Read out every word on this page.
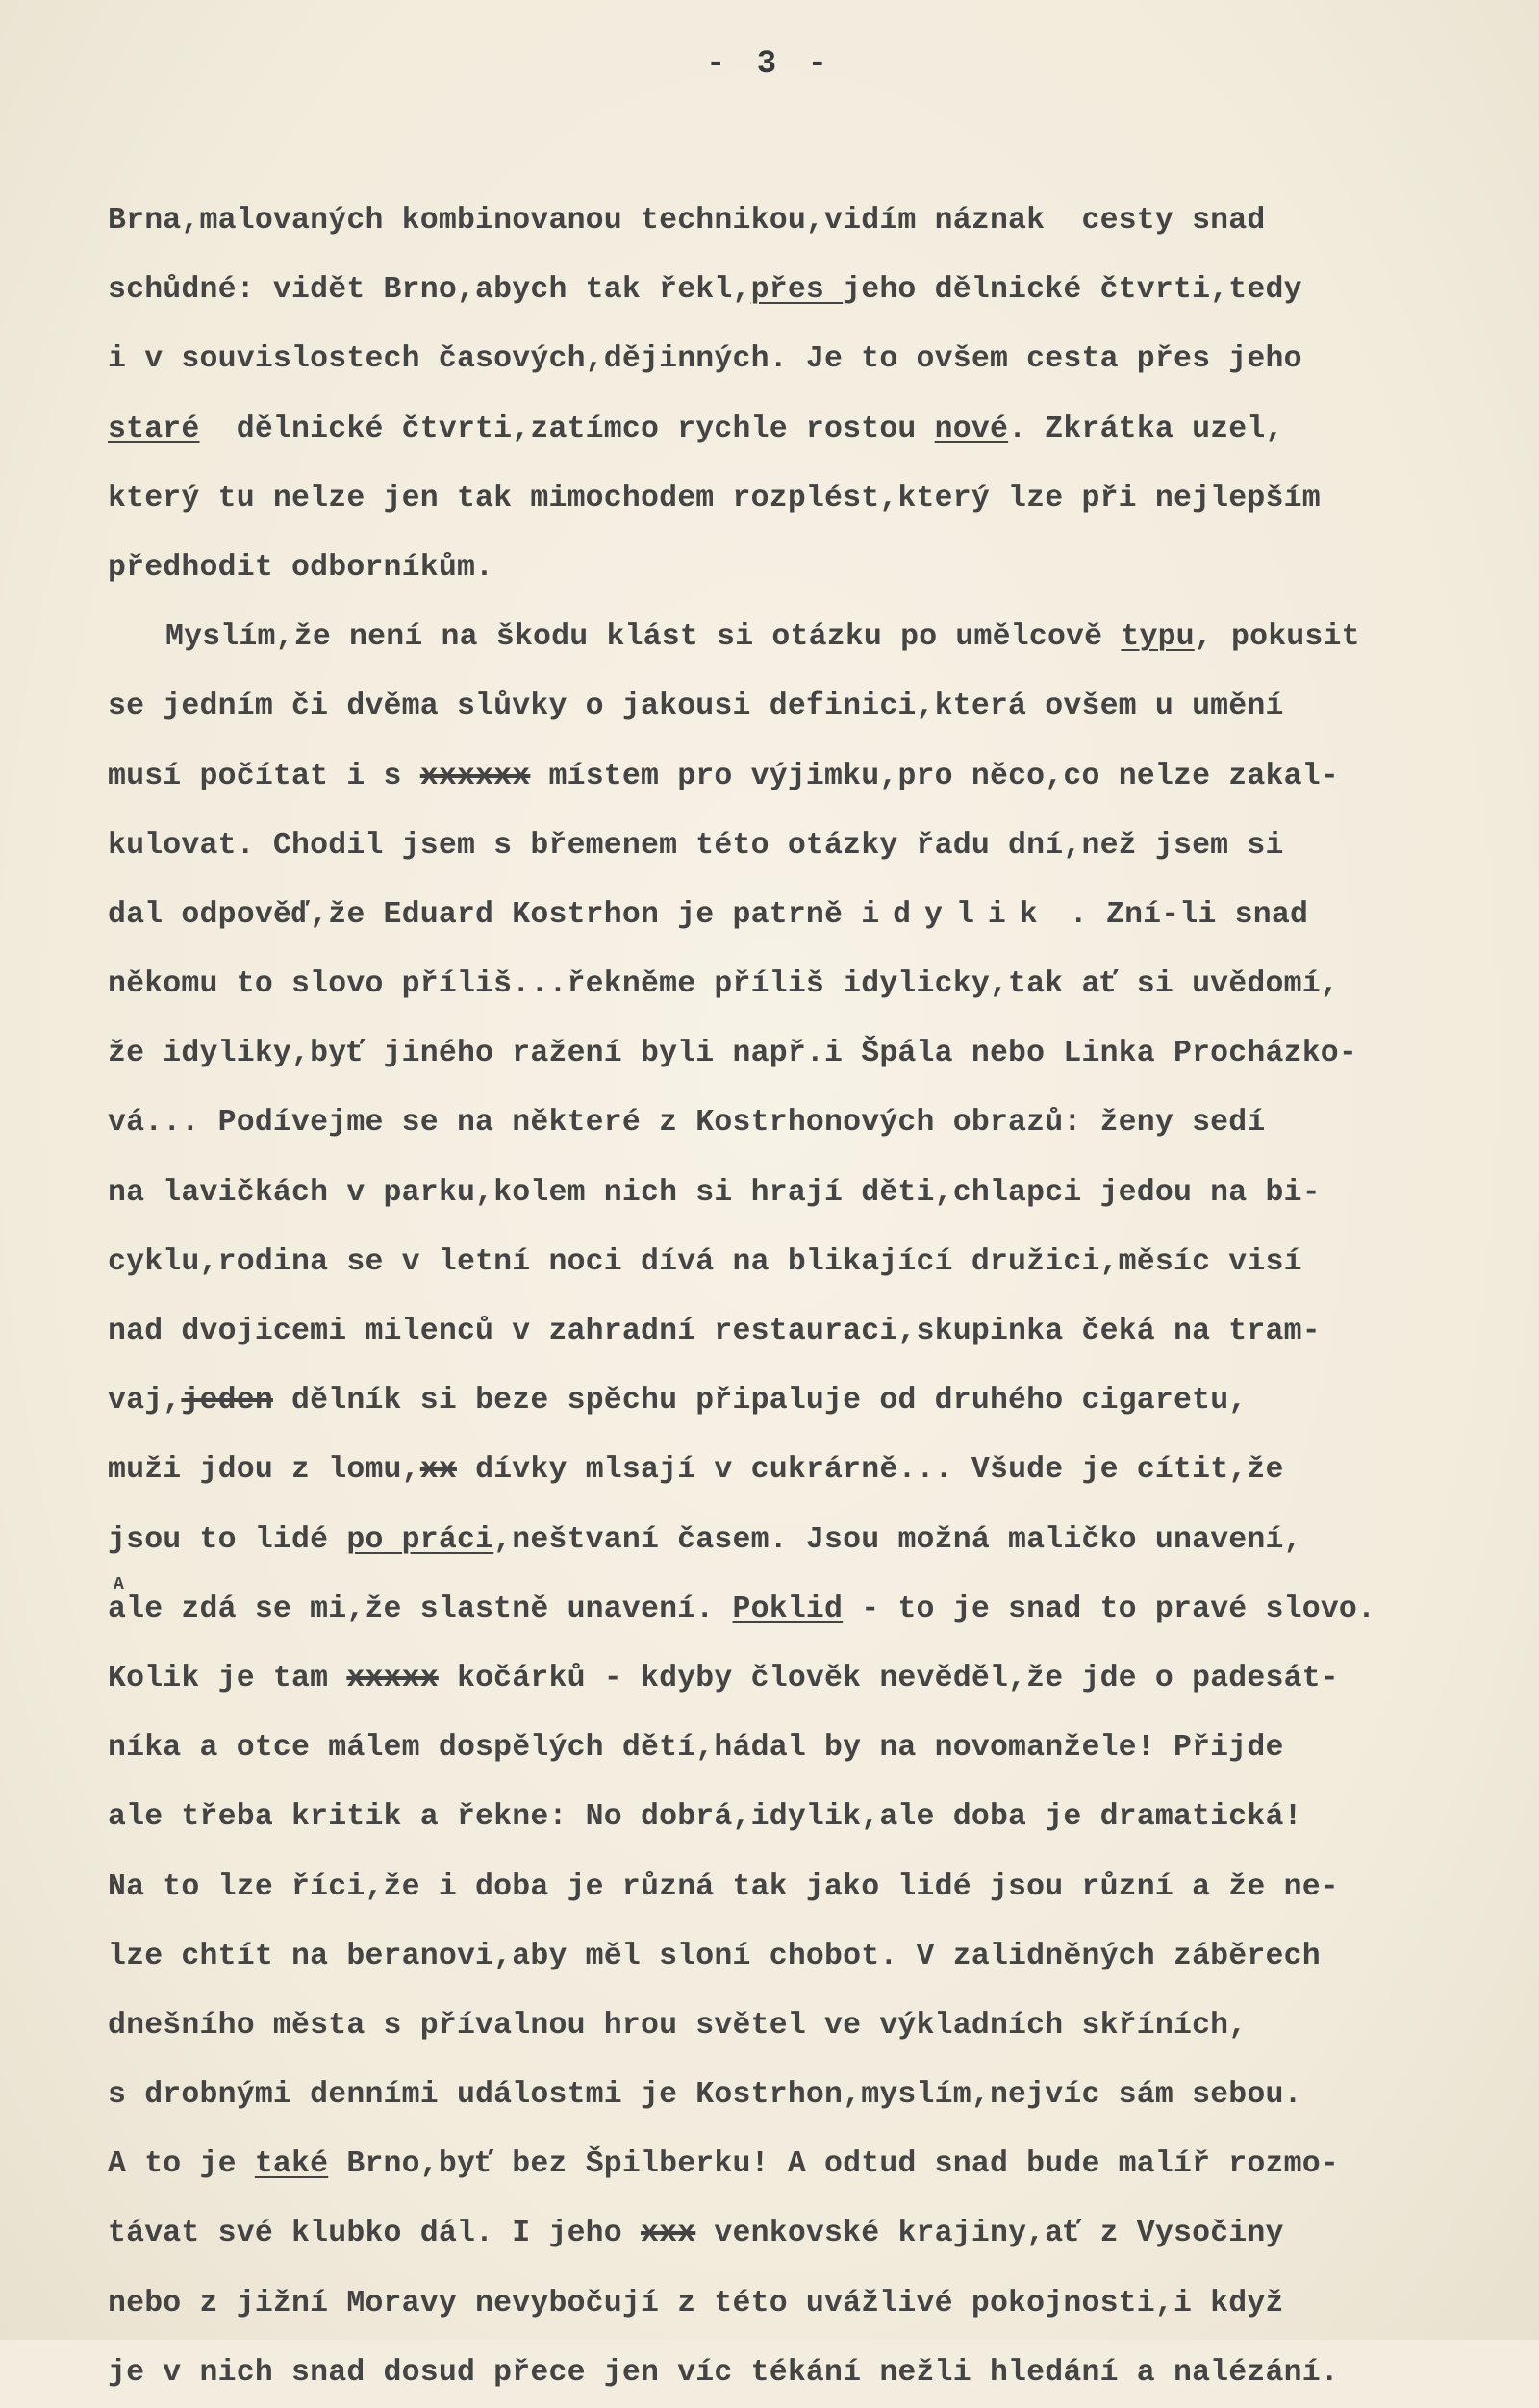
- 3 -
A
Brna,malovaných kombinovanou technikou,vidím náznak  cesty snad
schůdné: vidět Brno,abych tak řekl,přes jeho dělnické čtvrti,tedy
i v souvislostech časových,dějinných. Je to ovšem cesta přes jeho
staré  dělnické čtvrti,zatímco rychle rostou nové. Zkrátka uzel,
který tu nelze jen tak mimochodem rozplést,který lze při nejlepším
předhodit odborníkům.
Myslím,že není na škodu klást si otázku po umělcově typu, pokusit
se jedním či dvěma slůvky o jakousi definici,která ovšem u umění
musí počítat i s xxxxxx místem pro výjimku,pro něco,co nelze zakal-
kulovat. Chodil jsem s břemenem této otázky řadu dní,než jsem si
dal odpověď,že Eduard Kostrhon je patrně idylik . Zní-li snad
někomu to slovo příliš...řekněme příliš idylicky,tak ať si uvědomí,
že idyliky,byť jiného ražení byli např.i Špála nebo Linka Procházko-
vá... Podívejme se na některé z Kostrhonových obrazů: ženy sedí
na lavičkách v parku,kolem nich si hrají děti,chlapci jedou na bi-
cyklu,rodina se v letní noci dívá na blikající družici,měsíc visí
nad dvojicemi milenců v zahradní restauraci,skupinka čeká na tram-
vaj,jeden dělník si beze spěchu připaluje od druhého cigaretu,
muži jdou z lomu,xx dívky mlsají v cukrárně... Všude je cítit,že
jsou to lidé po práci,neštvaní časem. Jsou možná maličko unavení,
ale zdá se mi,že slastně unavení. Poklid - to je snad to pravé slovo.
Kolik je tam xxxxx kočárků - kdyby člověk nevěděl,že jde o padesát-
níka a otce málem dospělých dětí,hádal by na novomanžele! Přijde
ale třeba kritik a řekne: No dobrá,idylik,ale doba je dramatická!
Na to lze říci,že i doba je různá tak jako lidé jsou různí a že ne-
lze chtít na beranovi,aby měl sloní chobot. V zalidněných záběrech
dnešního města s přívalnou hrou světel ve výkladních skříních,
s drobnými denními událostmi je Kostrhon,myslím,nejvíc sám sebou.
A to je také Brno,byť bez Špilberku! A odtud snad bude malíř rozmo-
távat své klubko dál. I jeho xxx venkovské krajiny,ať z Vysočiny
nebo z jižní Moravy nevybočují z této uvážlivé pokojnosti,i když
je v nich snad dosud přece jen víc tékání nežli hledání a nalézání.
